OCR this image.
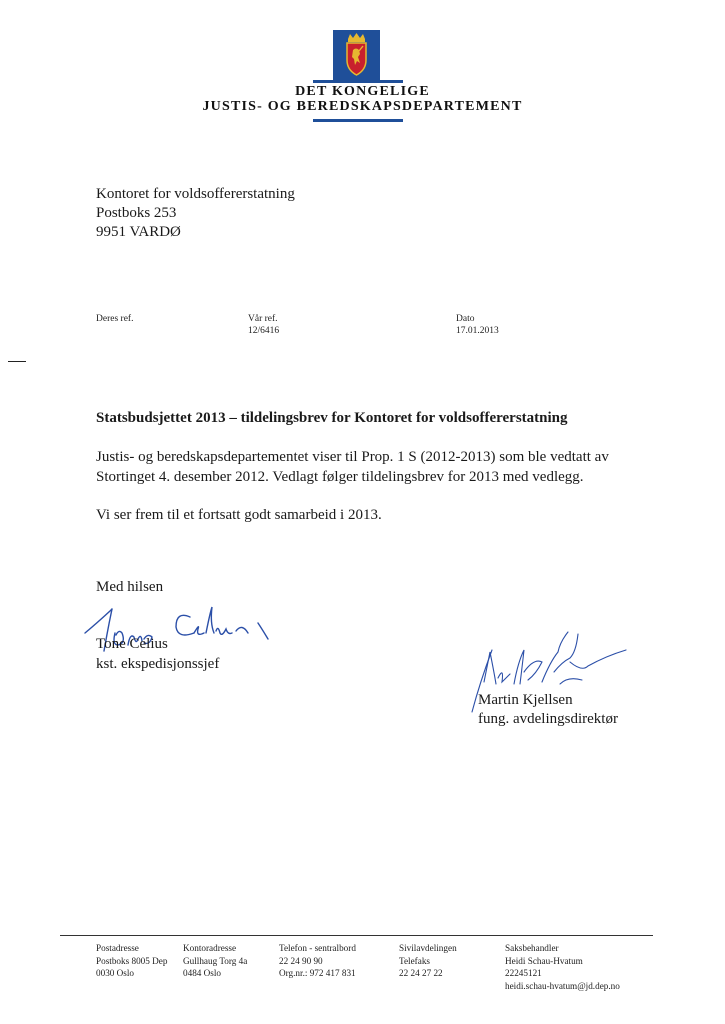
DET KONGELIGE
JUSTIS- OG BEREDSKAPSDEPARTEMENT
Kontoret for voldsoffererstatning
Postboks 253
9951 VARDØ
Deres ref.	Vår ref.
12/6416
Dato
17.01.2013
Statsbudsjettet 2013 – tildelingsbrev for Kontoret for voldsoffererstatning
Justis- og beredskapsdepartementet viser til Prop. 1 S (2012-2013) som ble vedtatt av
Stortinget 4. desember 2012. Vedlagt følger tildelingsbrev for 2013 med vedlegg.
Vi ser frem til et fortsatt godt samarbeid i 2013.
Med hilsen
Tone Celius
kst. ekspedisjonssjef
Martin Kjellsen
fung. avdelingsdirektør
Postadresse
Postboks 8005 Dep
0030 Oslo
Kontoradresse
Gullhaug Torg 4a
0484 Oslo
Telefon - sentralbord
22 24 90 90
Org.nr.: 972 417 831
Sivilavdelingen
Telefaks
22 24 27 22
Saksbehandler
Heidi Schau-Hvatum
22245121
heidi.schau-hvatum@jd.dep.no
